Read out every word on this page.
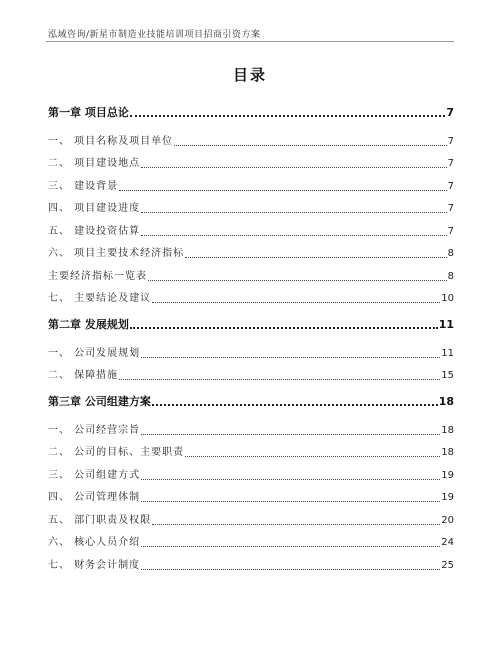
泓域咨询/新星市制造业技能培训项目招商引资方案
目录
第一章 项目总论	7
一、 项目名称及项目单位	7
二、 项目建设地点	7
三、 建设背景	7
四、 项目建设进度	7
五、 建设投资估算	7
六、 项目主要技术经济指标	8
主要经济指标一览表	8
七、 主要结论及建议	10
第二章 发展规划	11
一、 公司发展规划	11
二、 保障措施	15
第三章 公司组建方案	18
一、 公司经营宗旨	18
二、 公司的目标、主要职责	18
三、 公司组建方式	19
四、 公司管理体制	19
五、 部门职责及权限	20
六、 核心人员介绍	24
七、 财务会计制度	25
